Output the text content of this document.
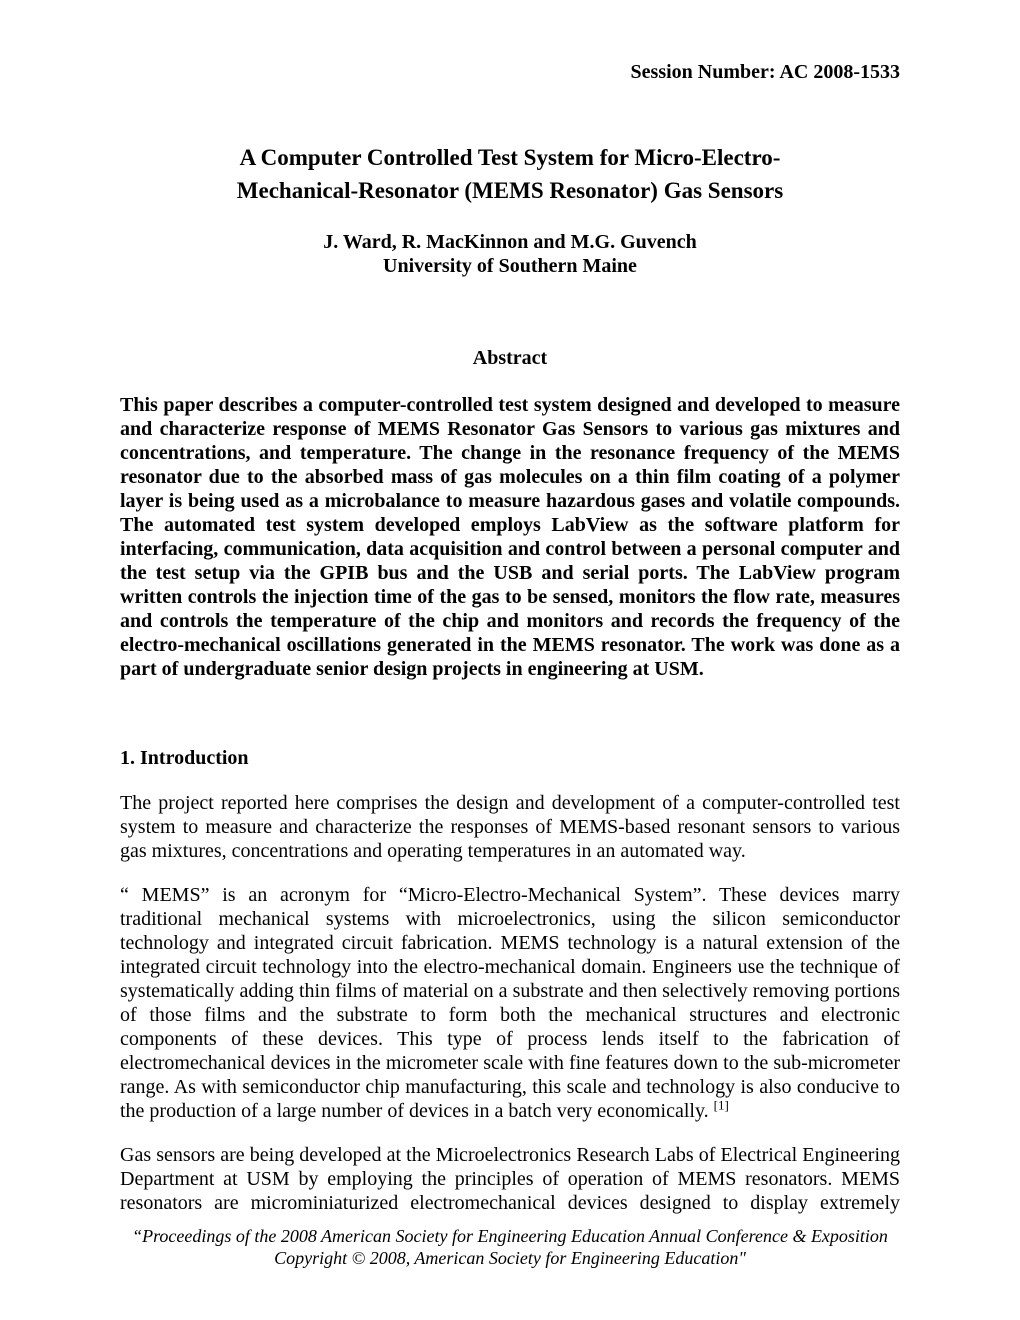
Session Number: AC 2008-1533
A Computer Controlled Test System for Micro-Electro-
Mechanical-Resonator (MEMS Resonator) Gas Sensors
J. Ward, R. MacKinnon and M.G. Guvench
University of Southern Maine
Abstract
This paper describes a computer-controlled test system designed and developed to measure and characterize response of MEMS Resonator Gas Sensors to various gas mixtures and concentrations, and temperature. The change in the resonance frequency of the MEMS resonator due to the absorbed mass of gas molecules on a thin film coating of a polymer layer is being used as a microbalance to measure hazardous gases and volatile compounds. The automated test system developed employs LabView as the software platform for interfacing, communication, data acquisition and control between a personal computer and the test setup via the GPIB bus and the USB and serial ports. The LabView program written controls the injection time of the gas to be sensed, monitors the flow rate, measures and controls the temperature of the chip and monitors and records the frequency of the electro-mechanical oscillations generated in the MEMS resonator. The work was done as a part of undergraduate senior design projects in engineering at USM.
1. Introduction

The project reported here comprises the design and development of a computer-controlled test system to measure and characterize the responses of MEMS-based resonant sensors to various gas mixtures, concentrations and operating temperatures in an automated way.

“ MEMS” is an acronym for “Micro-Electro-Mechanical System”. These devices marry traditional mechanical systems with microelectronics, using the silicon semiconductor technology and integrated circuit fabrication. MEMS technology is a natural extension of the integrated circuit technology into the electro-mechanical domain. Engineers use the technique of systematically adding thin films of material on a substrate and then selectively removing portions of those films and the substrate to form both the mechanical structures and electronic components of these devices. This type of process lends itself to the fabrication of electromechanical devices in the micrometer scale with fine features down to the sub-micrometer range. As with semiconductor chip manufacturing, this scale and technology is also conducive to the production of a large number of devices in a batch very economically. [1]

Gas sensors are being developed at the Microelectronics Research Labs of Electrical Engineering Department at USM by employing the principles of operation of MEMS resonators. MEMS resonators are microminiaturized electromechanical devices designed to display extremely

“Proceedings of the 2008 American Society for Engineering Education Annual Conference & Exposition
Copyright © 2008, American Society for Engineering Education"
